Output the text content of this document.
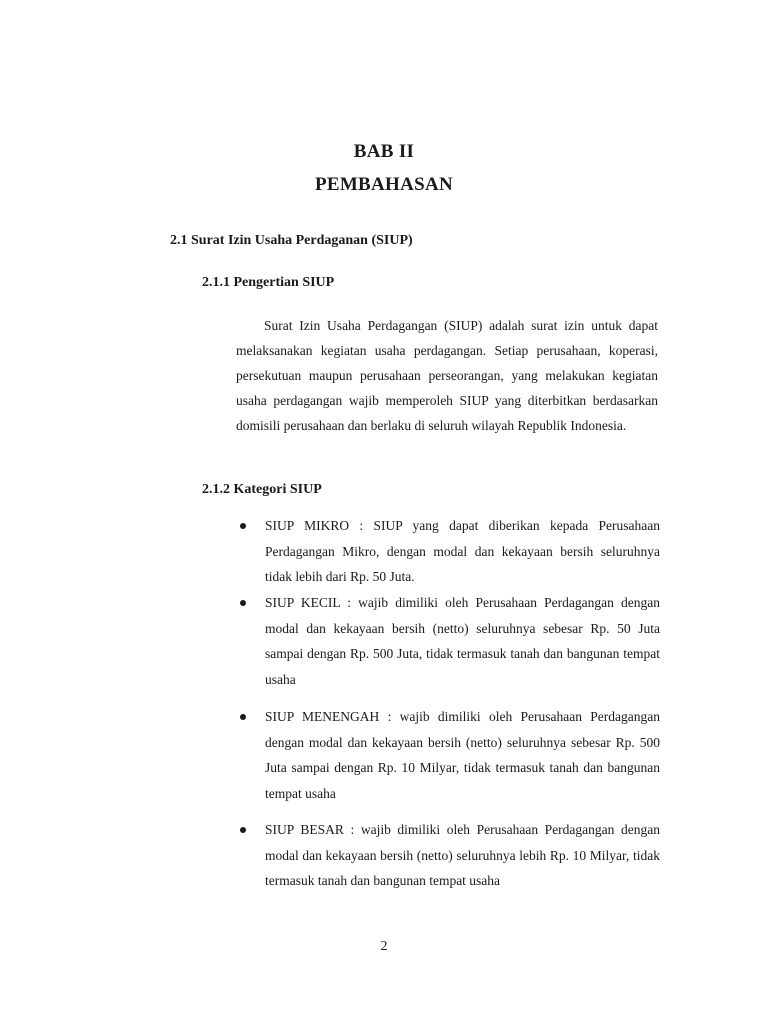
BAB II
PEMBAHASAN
2.1 Surat Izin Usaha Perdaganan (SIUP)
2.1.1 Pengertian SIUP
Surat Izin Usaha Perdagangan (SIUP) adalah surat izin untuk dapat melaksanakan kegiatan usaha perdagangan. Setiap perusahaan, koperasi, persekutuan maupun perusahaan perseorangan, yang melakukan kegiatan usaha perdagangan wajib memperoleh SIUP yang diterbitkan berdasarkan domisili perusahaan dan berlaku di seluruh wilayah Republik Indonesia.
2.1.2 Kategori SIUP
SIUP MIKRO : SIUP yang dapat diberikan kepada Perusahaan Perdagangan Mikro, dengan modal dan kekayaan bersih seluruhnya tidak lebih dari Rp. 50 Juta.
SIUP KECIL : wajib dimiliki oleh Perusahaan Perdagangan dengan modal dan kekayaan bersih (netto) seluruhnya sebesar Rp. 50 Juta sampai dengan Rp. 500 Juta, tidak termasuk tanah dan bangunan tempat usaha
SIUP MENENGAH : wajib dimiliki oleh Perusahaan Perdagangan dengan modal dan kekayaan bersih (netto) seluruhnya sebesar Rp. 500 Juta sampai dengan Rp. 10 Milyar, tidak termasuk tanah dan bangunan tempat usaha
SIUP BESAR : wajib dimiliki oleh Perusahaan Perdagangan dengan modal dan kekayaan bersih (netto) seluruhnya lebih Rp. 10 Milyar, tidak termasuk tanah dan bangunan tempat usaha
2
